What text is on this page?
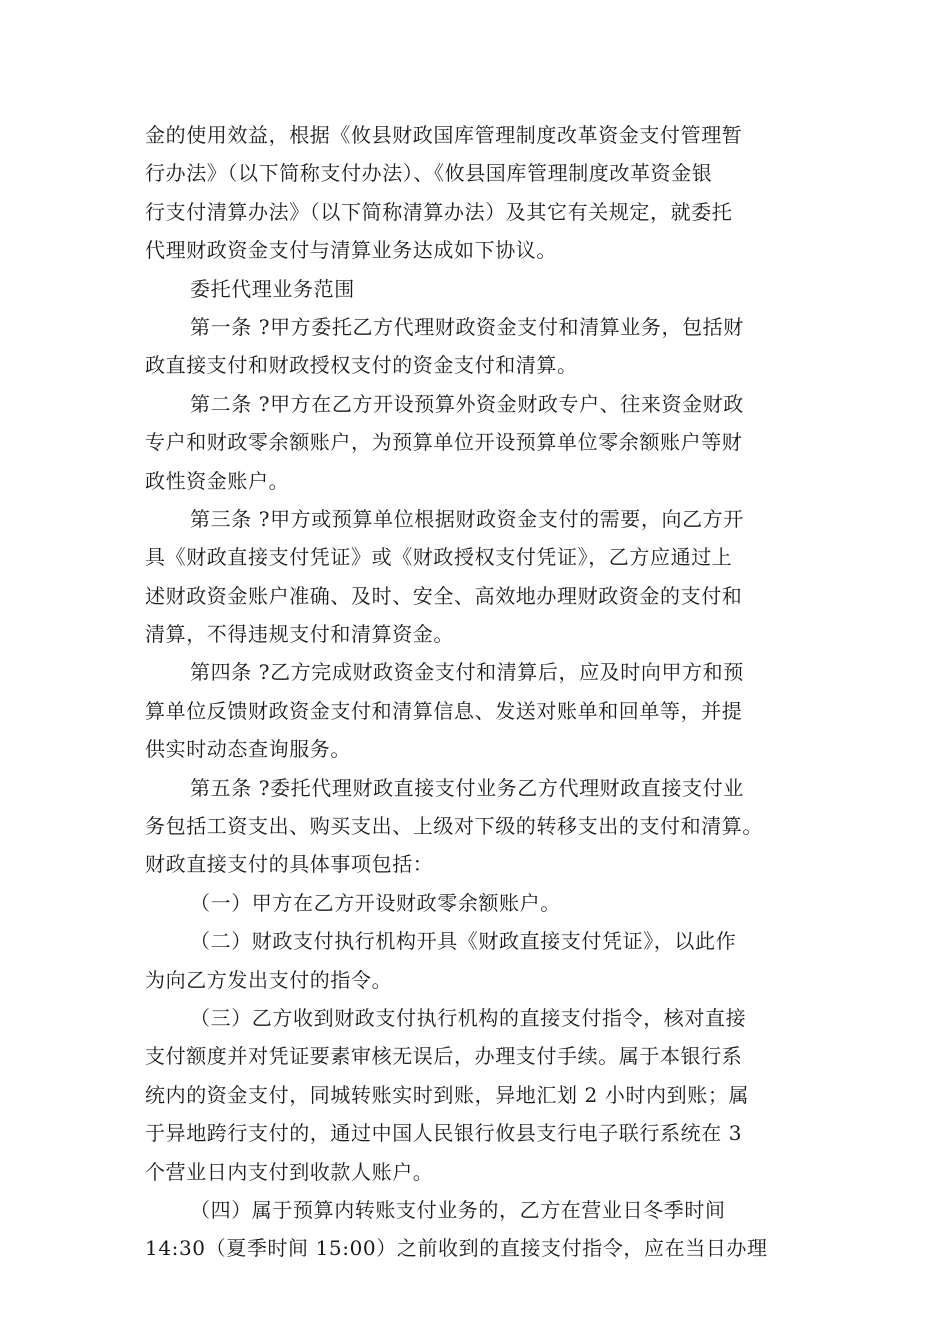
金的使用效益，根据《攸县财政国库管理制度改革资金支付管理暂
行办法》（以下简称支付办法）、《攸县国库管理制度改革资金银
行支付清算办法》（以下简称清算办法）及其它有关规定，就委托
代理财政资金支付与清算业务达成如下协议。
委托代理业务范围
第一条 ?甲方委托乙方代理财政资金支付和清算业务，包括财
政直接支付和财政授权支付的资金支付和清算。
第二条 ?甲方在乙方开设预算外资金财政专户、往来资金财政
专户和财政零余额账户，为预算单位开设预算单位零余额账户等财
政性资金账户。
第三条 ?甲方或预算单位根据财政资金支付的需要，向乙方开
具《财政直接支付凭证》或《财政授权支付凭证》，乙方应通过上
述财政资金账户准确、及时、安全、高效地办理财政资金的支付和
清算，不得违规支付和清算资金。
第四条 ?乙方完成财政资金支付和清算后，应及时向甲方和预
算单位反馈财政资金支付和清算信息、发送对账单和回单等，并提
供实时动态查询服务。
第五条 ?委托代理财政直接支付业务乙方代理财政直接支付业
务包括工资支出、购买支出、上级对下级的转移支出的支付和清算。
财政直接支付的具体事项包括：
（一）甲方在乙方开设财政零余额账户。
（二）财政支付执行机构开具《财政直接支付凭证》，以此作
为向乙方发出支付的指令。
（三）乙方收到财政支付执行机构的直接支付指令，核对直接
支付额度并对凭证要素审核无误后，办理支付手续。属于本银行系
统内的资金支付，同城转账实时到账，异地汇划 2 小时内到账；属
于异地跨行支付的，通过中国人民银行攸县支行电子联行系统在 3
个营业日内支付到收款人账户。
（四）属于预算内转账支付业务的，乙方在营业日冬季时间
14:30（夏季时间 15:00）之前收到的直接支付指令，应在当日办理
